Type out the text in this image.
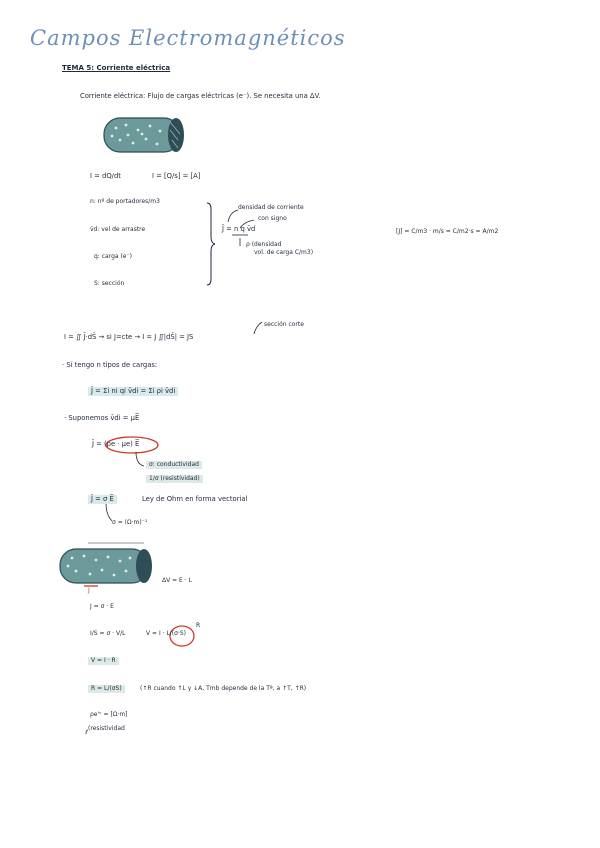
Campos Electromagnéticos
TEMA 5: Corriente eléctrica
Corriente eléctrica: Flujo de cargas eléctricas (e⁻). Se necesita una ΔV.
I = dQ/dt	I = [Q/s] = [A]
n: nº de portadores/m3
v̄d: vel de arrastre
q: carga (e⁻)
S: sección
densidad de corriente
con signo
J̄ = n q v̄d
ρ (densidad
vol. de carga C/m3)
[J] = C/m3 · m/s = C/m2·s = A/m2
sección corte
I = ∬ J̄·dS̄ → si J=cte → I = J ∬|dS̄| = JS
· Si tengo n tipos de cargas:
J̄ = Σi ni qi v̄di = Σi ρi v̄di
· Suponemos v̄di = μE̅
J̄ = (ρe · μe) E̅
σ: conductividad
1/σ (resistividad)
J̄ = σ E̅	Ley de Ohm en forma vectorial
σ = (Ω·m)⁻¹
ΔV = E · L
J
J = σ · E
I/S = σ · V/L	V = I · L/(σ·S)
R
V = I · R
R = L/(σS)	(↑R cuando ↑L y ↓A, Tmb depende de la Tª, a ↑T, ↑R)
ρe'ᵛ = [Ω·m]
(resistividad
